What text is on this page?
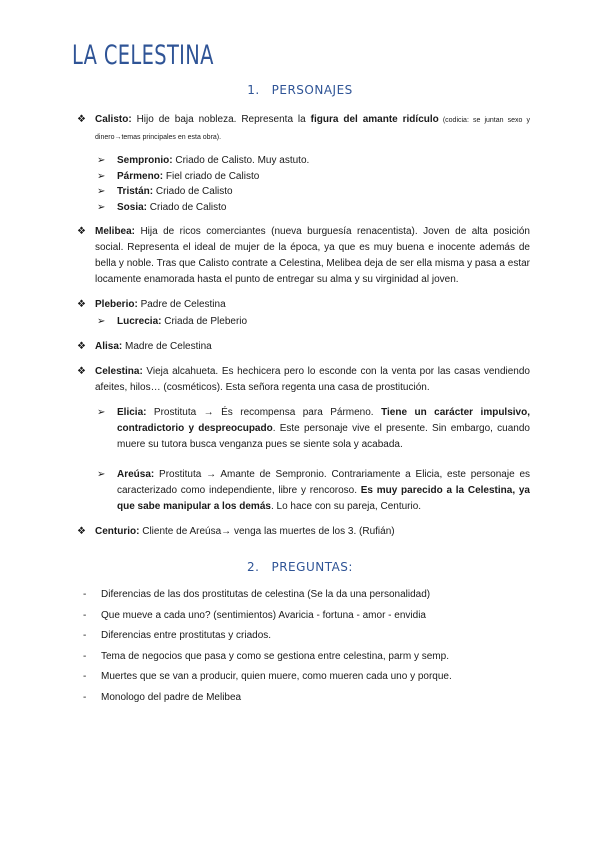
LA CELESTINA
1. PERSONAJES
❖ Calisto: Hijo de baja nobleza. Representa la figura del amante ridículo (codicia: se juntan sexo y dinero→temas principales en esta obra).
➢	Sempronio: Criado de Calisto. Muy astuto.
➢	Pármeno: Fiel criado de Calisto
➢	Tristán: Criado de Calisto
➢	Sosia: Criado de Calisto
❖ Melibea: Hija de ricos comerciantes (nueva burguesía renacentista). Joven de alta posición social. Representa el ideal de mujer de la época, ya que es muy buena e inocente además de bella y noble. Tras que Calisto contrate a Celestina, Melibea deja de ser ella misma y pasa a estar locamente enamorada hasta el punto de entregar su alma y su virginidad al joven.
❖ Pleberio: Padre de Celestina
➢	Lucrecia: Criada de Pleberio
❖ Alisa: Madre de Celestina
❖ Celestina: Vieja alcahueta. Es hechicera pero lo esconde con la venta por las casas vendiendo afeites, hilos… (cosméticos). Esta señora regenta una casa de prostitución.
➢	Elicia: Prostituta → És recompensa para Pármeno. Tiene un carácter impulsivo, contradictorio y despreocupado. Este personaje vive el presente. Sin embargo, cuando muere su tutora busca venganza pues se siente sola y acabada.
➢	Areúsa: Prostituta → Amante de Sempronio. Contrariamente a Elicia, este personaje es caracterizado como independiente, libre y rencoroso. Es muy parecido a la Celestina, ya que sabe manipular a los demás. Lo hace con su pareja, Centurio.
❖ Centurio: Cliente de Areúsa→ venga las muertes de los 3. (Rufián)
2. PREGUNTAS:
- Diferencias de las dos prostitutas de celestina (Se la da una personalidad)
- Que mueve a cada uno? (sentimientos) Avaricia - fortuna - amor - envidia
- Diferencias entre prostitutas y criados.
- Tema de negocios que pasa y como se gestiona entre celestina, parm y semp.
- Muertes que se van a producir, quien muere, como mueren cada uno y porque.
- Monologo del padre de Melibea
